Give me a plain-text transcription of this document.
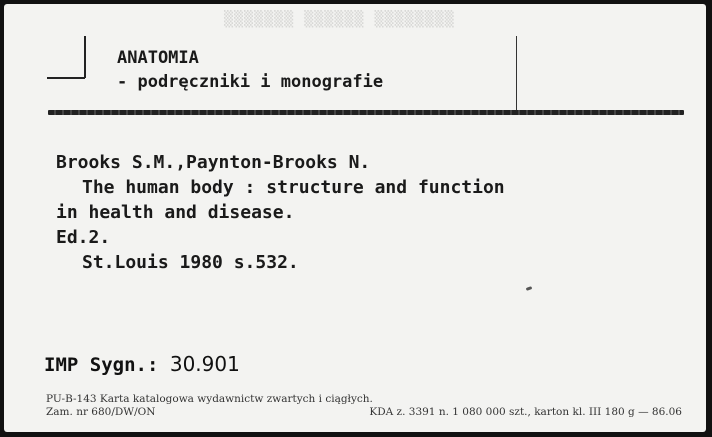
▒▒▒▒▒▒▒ ▒▒▒▒▒▒ ▒▒▒▒▒▒▒▒
ANATOMIA
- podręczniki i monografie
Brooks S.M.,Paynton-Brooks N.
The human body : structure and function
in health and disease.
Ed.2.
St.Louis 1980 s.532.
IMP Sygn.: 30.901
PU-B-143 Karta katalogowa wydawnictw zwartych i ciągłych.
Zam. nr 680/DW/ON	KDA z. 3391 n. 1 080 000 szt., karton kl. III 180 g — 86.06
